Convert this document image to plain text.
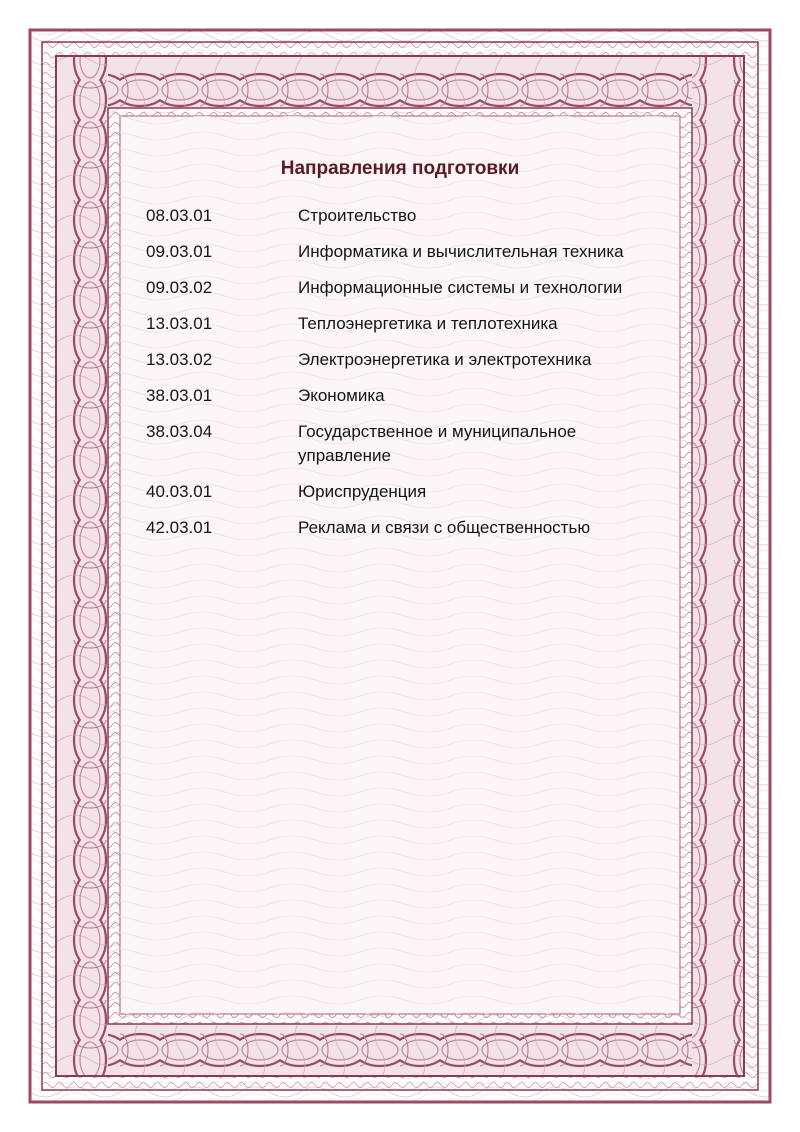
Направления подготовки
08.03.01	Строительство
09.03.01	Информатика и вычислительная техника
09.03.02	Информационные системы и технологии
13.03.01	Теплоэнергетика и теплотехника
13.03.02	Электроэнергетика и электротехника
38.03.01	Экономика
38.03.04	Государственное и муниципальное управление
40.03.01	Юриспруденция
42.03.01	Реклама и связи с общественностью
